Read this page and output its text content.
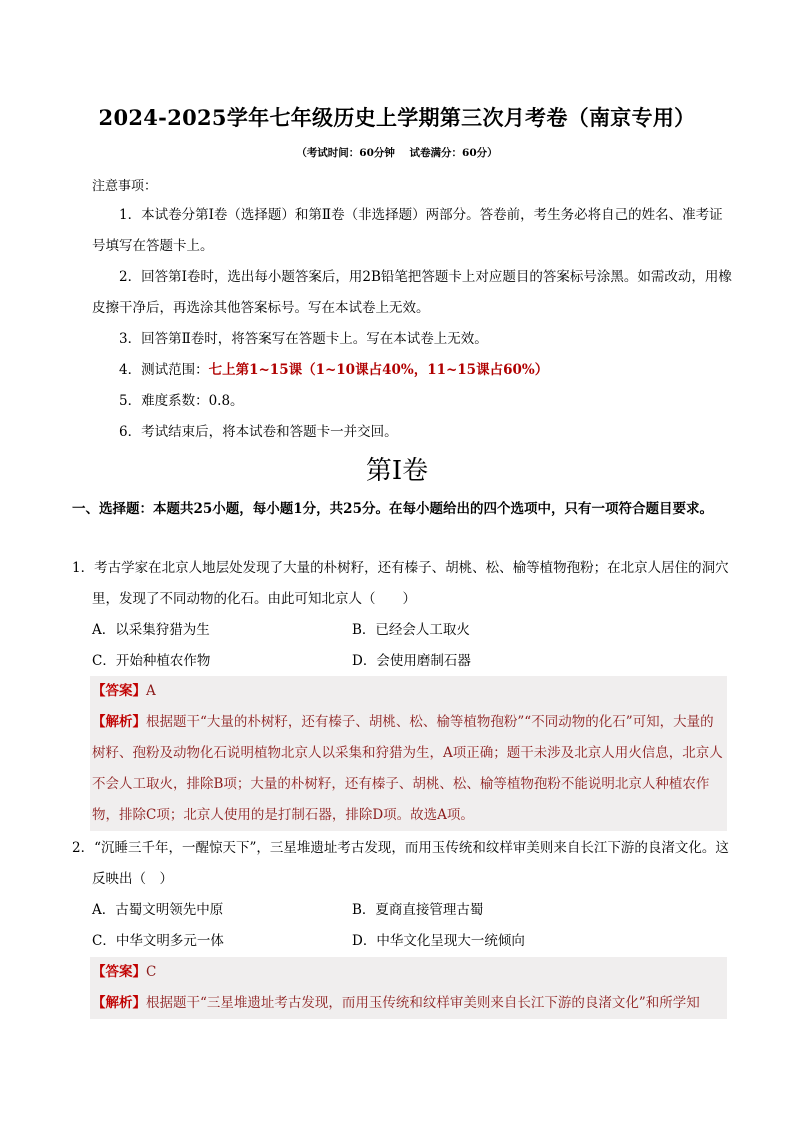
2024-2025学年七年级历史上学期第三次月考卷（南京专用）
（考试时间：60分钟    试卷满分：60分）
注意事项：
1．本试卷分第Ⅰ卷（选择题）和第Ⅱ卷（非选择题）两部分。答卷前，考生务必将自己的姓名、准考证号填写在答题卡上。
2．回答第Ⅰ卷时，选出每小题答案后，用2B铅笔把答题卡上对应题目的答案标号涂黑。如需改动，用橡皮擦干净后，再选涂其他答案标号。写在本试卷上无效。
3．回答第Ⅱ卷时，将答案写在答题卡上。写在本试卷上无效。
4．测试范围：七上第1~15课（1~10课占40%，11~15课占60%）
5．难度系数：0.8。
6．考试结束后，将本试卷和答题卡一并交回。
第Ⅰ卷
一、选择题：本题共25小题，每小题1分，共25分。在每小题给出的四个选项中，只有一项符合题目要求。
1．考古学家在北京人地层处发现了大量的朴树籽，还有榛子、胡桃、松、榆等植物孢粉；在北京人居住的洞穴里，发现了不同动物的化石。由此可知北京人（　　）
A．以采集狩猎为生	B．已经会人工取火
C．开始种植农作物	D．会使用磨制石器
【答案】A
【解析】根据题干“大量的朴树籽，还有榛子、胡桃、松、榆等植物孢粉”“不同动物的化石”可知，大量的树籽、孢粉及动物化石说明植物北京人以采集和狩猎为生，A项正确；题干未涉及北京人用火信息，北京人不会人工取火，排除B项；大量的朴树籽，还有榛子、胡桃、松、榆等植物孢粉不能说明北京人种植农作物，排除C项；北京人使用的是打制石器，排除D项。故选A项。
2．“沉睡三千年，一醒惊天下”，三星堆遗址考古发现，而用玉传统和纹样审美则来自长江下游的良渚文化。这反映出（　）
A．古蜀文明领先中原	B．夏商直接管理古蜀
C．中华文明多元一体	D．中华文化呈现大一统倾向
【答案】C
【解析】根据题干“三星堆遗址考古发现，而用玉传统和纹样审美则来自长江下游的良渚文化”和所学知
